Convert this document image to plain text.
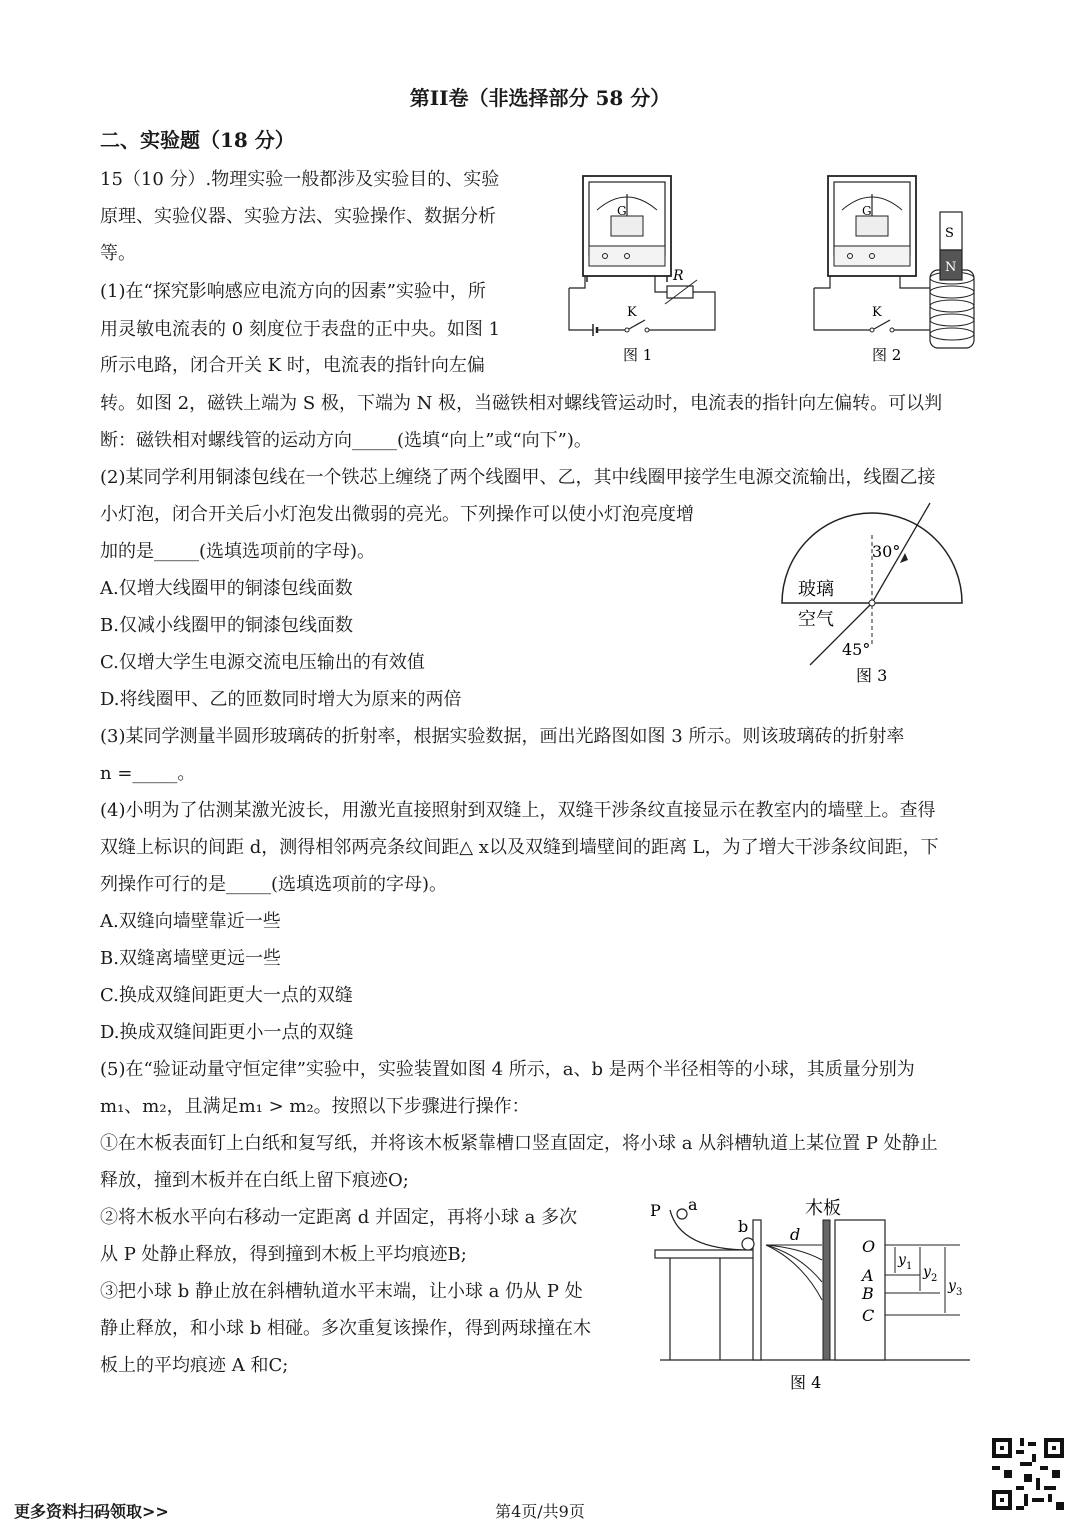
第II卷（非选择部分 58 分）
二、实验题（18 分）
15（10 分）.物理实验一般都涉及实验目的、实验
原理、实验仪器、实验方法、实验操作、数据分析
等。
(1)在“探究影响感应电流方向的因素”实验中，所
用灵敏电流表的 0 刻度位于表盘的正中央。如图 1
所示电路，闭合开关 K 时，电流表的指针向左偏
转。如图 2，磁铁上端为 S 极，下端为 N 极，当磁铁相对螺线管运动时，电流表的指针向左偏转。可以判
断：磁铁相对螺线管的运动方向_____(选填“向上”或“向下”)。
(2)某同学利用铜漆包线在一个铁芯上缠绕了两个线圈甲、乙，其中线圈甲接学生电源交流输出，线圈乙接
小灯泡，闭合开关后小灯泡发出微弱的亮光。下列操作可以使小灯泡亮度增
加的是_____(选填选项前的字母)。
A.仅增大线圈甲的铜漆包线面数
B.仅减小线圈甲的铜漆包线面数
C.仅增大学生电源交流电压输出的有效值
D.将线圈甲、乙的匝数同时增大为原来的两倍
(3)某同学测量半圆形玻璃砖的折射率，根据实验数据，画出光路图如图 3 所示。则该玻璃砖的折射率
n =_____。
(4)小明为了估测某激光波长，用激光直接照射到双缝上，双缝干涉条纹直接显示在教室内的墙壁上。查得
双缝上标识的间距 d，测得相邻两亮条纹间距△ x以及双缝到墙壁间的距离 L，为了增大干涉条纹间距，下
列操作可行的是_____(选填选项前的字母)。
A.双缝向墙壁靠近一些
B.双缝离墙壁更远一些
C.换成双缝间距更大一点的双缝
D.换成双缝间距更小一点的双缝
(5)在“验证动量守恒定律”实验中，实验装置如图 4 所示，a、b 是两个半径相等的小球，其质量分别为
m₁、m₂，且满足m₁ > m₂。按照以下步骤进行操作：
①在木板表面钉上白纸和复写纸，并将该木板紧靠槽口竖直固定，将小球 a 从斜槽轨道上某位置 P 处静止
释放，撞到木板并在白纸上留下痕迹O;
②将木板水平向右移动一定距离 d 并固定，再将小球 a 多次
从 P 处静止释放，得到撞到木板上平均痕迹B;
③把小球 b 静止放在斜槽轨道水平末端，让小球 a 仍从 P 处
静止释放，和小球 b 相碰。多次重复该操作，得到两球撞在木
板上的平均痕迹 A 和C;
G
R
K
图 1
G
S
N
K
图 2
30°
45°
玻璃
空气
图 3
P a
b	d
木板
O
A
B
C
y 1 y 2 y 3
图 4
更多资料扫码领取>>	第4页/共9页
